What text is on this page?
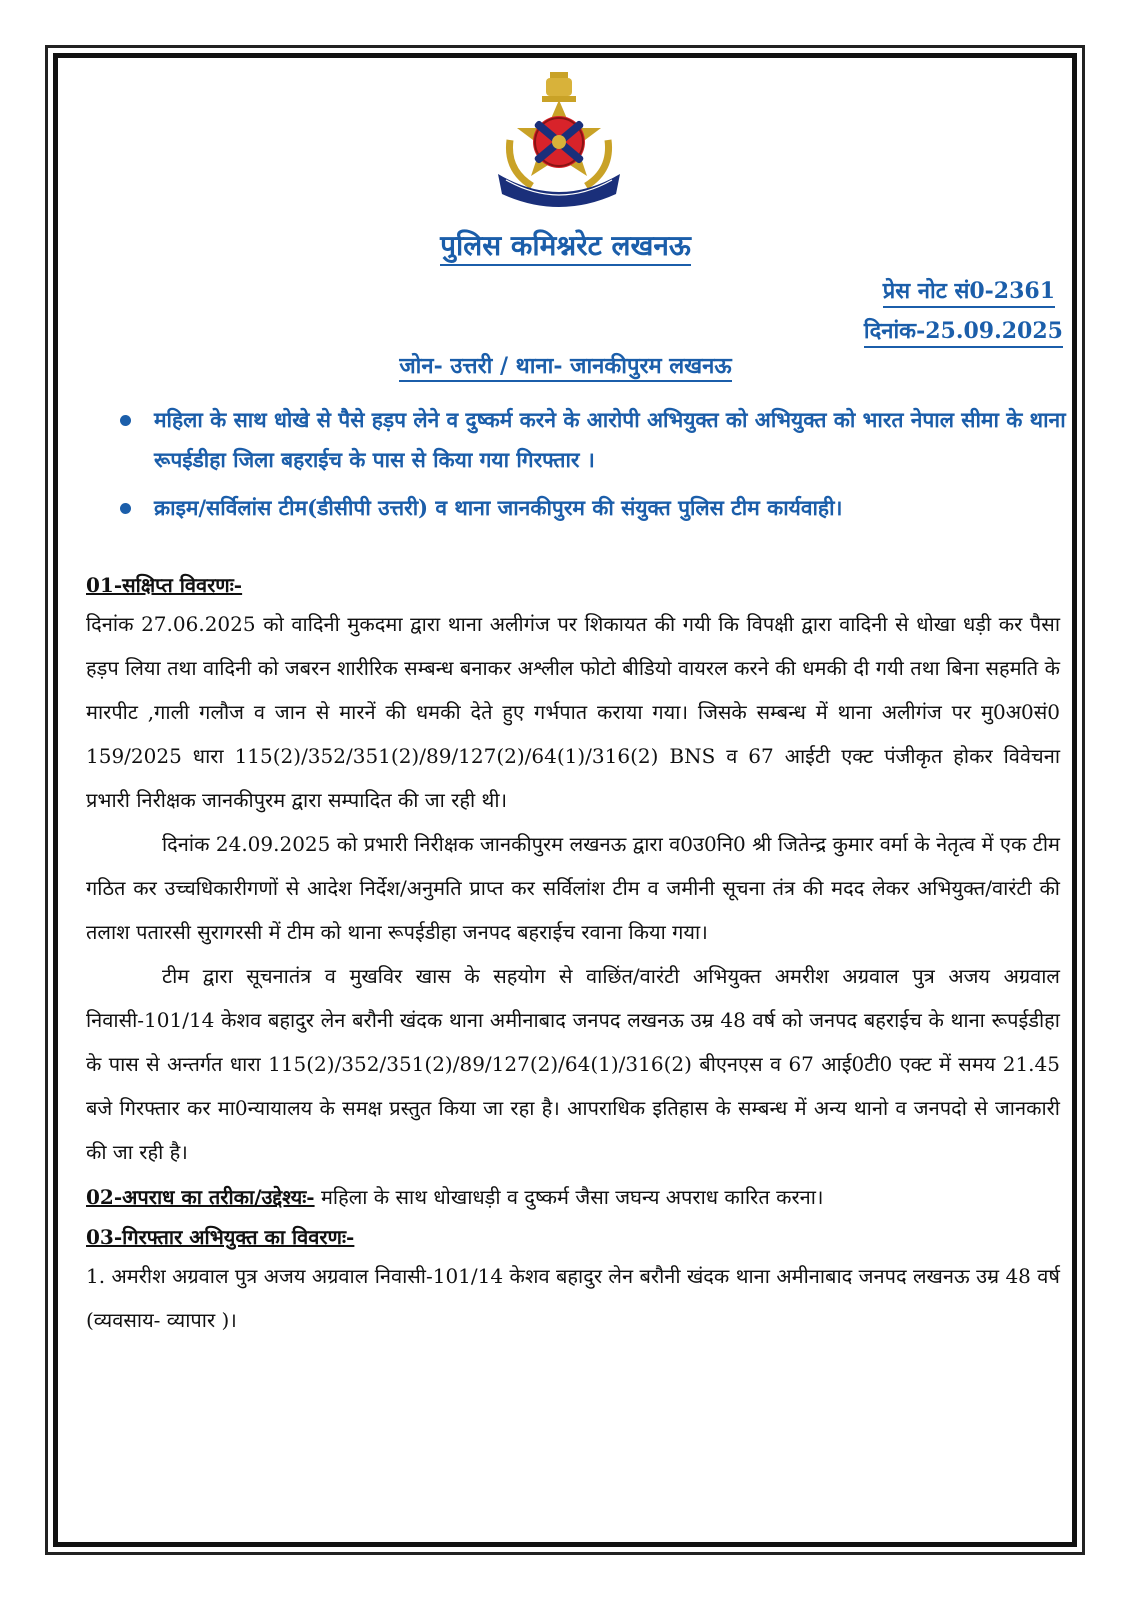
पुलिस कमिश्नरेट लखनऊ
प्रेस नोट सं0-2361
दिनांक-25.09.2025
जोन- उत्तरी / थाना- जानकीपुरम लखनऊ
महिला के साथ धोखे से पैसे हड़प लेने व दुष्कर्म करने के आरोपी अभियुक्त को अभियुक्त को भारत नेपाल सीमा के थाना रूपईडीहा जिला बहराईच के पास से किया गया गिरफ्तार ।
क्राइम/सर्विलांस टीम(डीसीपी उत्तरी) व थाना जानकीपुरम की संयुक्त पुलिस टीम कार्यवाही।
01-सक्षिप्त विवरणः-

दिनांक 27.06.2025 को वादिनी मुकदमा द्वारा थाना अलीगंज पर शिकायत की गयी कि विपक्षी द्वारा वादिनी से धोखा धड़ी कर पैसा हड़प लिया तथा वादिनी को जबरन शारीरिक सम्बन्ध बनाकर अश्लील फोटो बीडियो वायरल करने की धमकी दी गयी तथा बिना सहमति के मारपीट ,गाली गलौज व जान से मारनें की धमकी देते हुए गर्भपात कराया गया। जिसके सम्बन्ध में थाना अलीगंज पर मु0अ0सं0 159/2025 धारा 115(2)/352/351(2)/89/127(2)/64(1)/316(2) BNS व 67 आईटी एक्ट पंजीकृत होकर विवेचना प्रभारी निरीक्षक जानकीपुरम द्वारा सम्पादित की जा रही थी।

दिनांक 24.09.2025 को प्रभारी निरीक्षक जानकीपुरम लखनऊ द्वारा व0उ0नि0 श्री जितेन्द्र कुमार वर्मा के नेतृत्व में एक टीम गठित कर उच्चधिकारीगणों से आदेश निर्देश/अनुमति प्राप्त कर सर्विलांश टीम व जमीनी सूचना तंत्र की मदद लेकर अभियुक्त/वारंटी की तलाश पतारसी सुरागरसी में टीम को थाना रूपईडीहा जनपद बहराईच रवाना किया गया।

टीम द्वारा सूचनातंत्र व मुखविर खास के सहयोग से वाछिंत/वारंटी अभियुक्त अमरीश अग्रवाल पुत्र अजय अग्रवाल निवासी-101/14 केशव बहादुर लेन बरौनी खंदक थाना अमीनाबाद जनपद लखनऊ उम्र 48 वर्ष को जनपद बहराईच के थाना रूपईडीहा के पास से अन्तर्गत धारा 115(2)/352/351(2)/89/127(2)/64(1)/316(2) बीएनएस व 67 आई0टी0 एक्ट में समय 21.45 बजे गिरफ्तार कर मा0न्यायालय के समक्ष प्रस्तुत किया जा रहा है। आपराधिक इतिहास के सम्बन्ध में अन्य थानो व जनपदो से जानकारी की जा रही है।

02-अपराध का तरीका/उद्देश्यः- महिला के साथ धोखाधड़ी व दुष्कर्म जैसा जघन्य अपराध कारित करना।
03-गिरफ्तार अभियुक्त का विवरणः-

1. अमरीश अग्रवाल पुत्र अजय अग्रवाल निवासी-101/14 केशव बहादुर लेन बरौनी खंदक थाना अमीनाबाद जनपद लखनऊ उम्र 48 वर्ष (व्यवसाय- व्यापार )।
